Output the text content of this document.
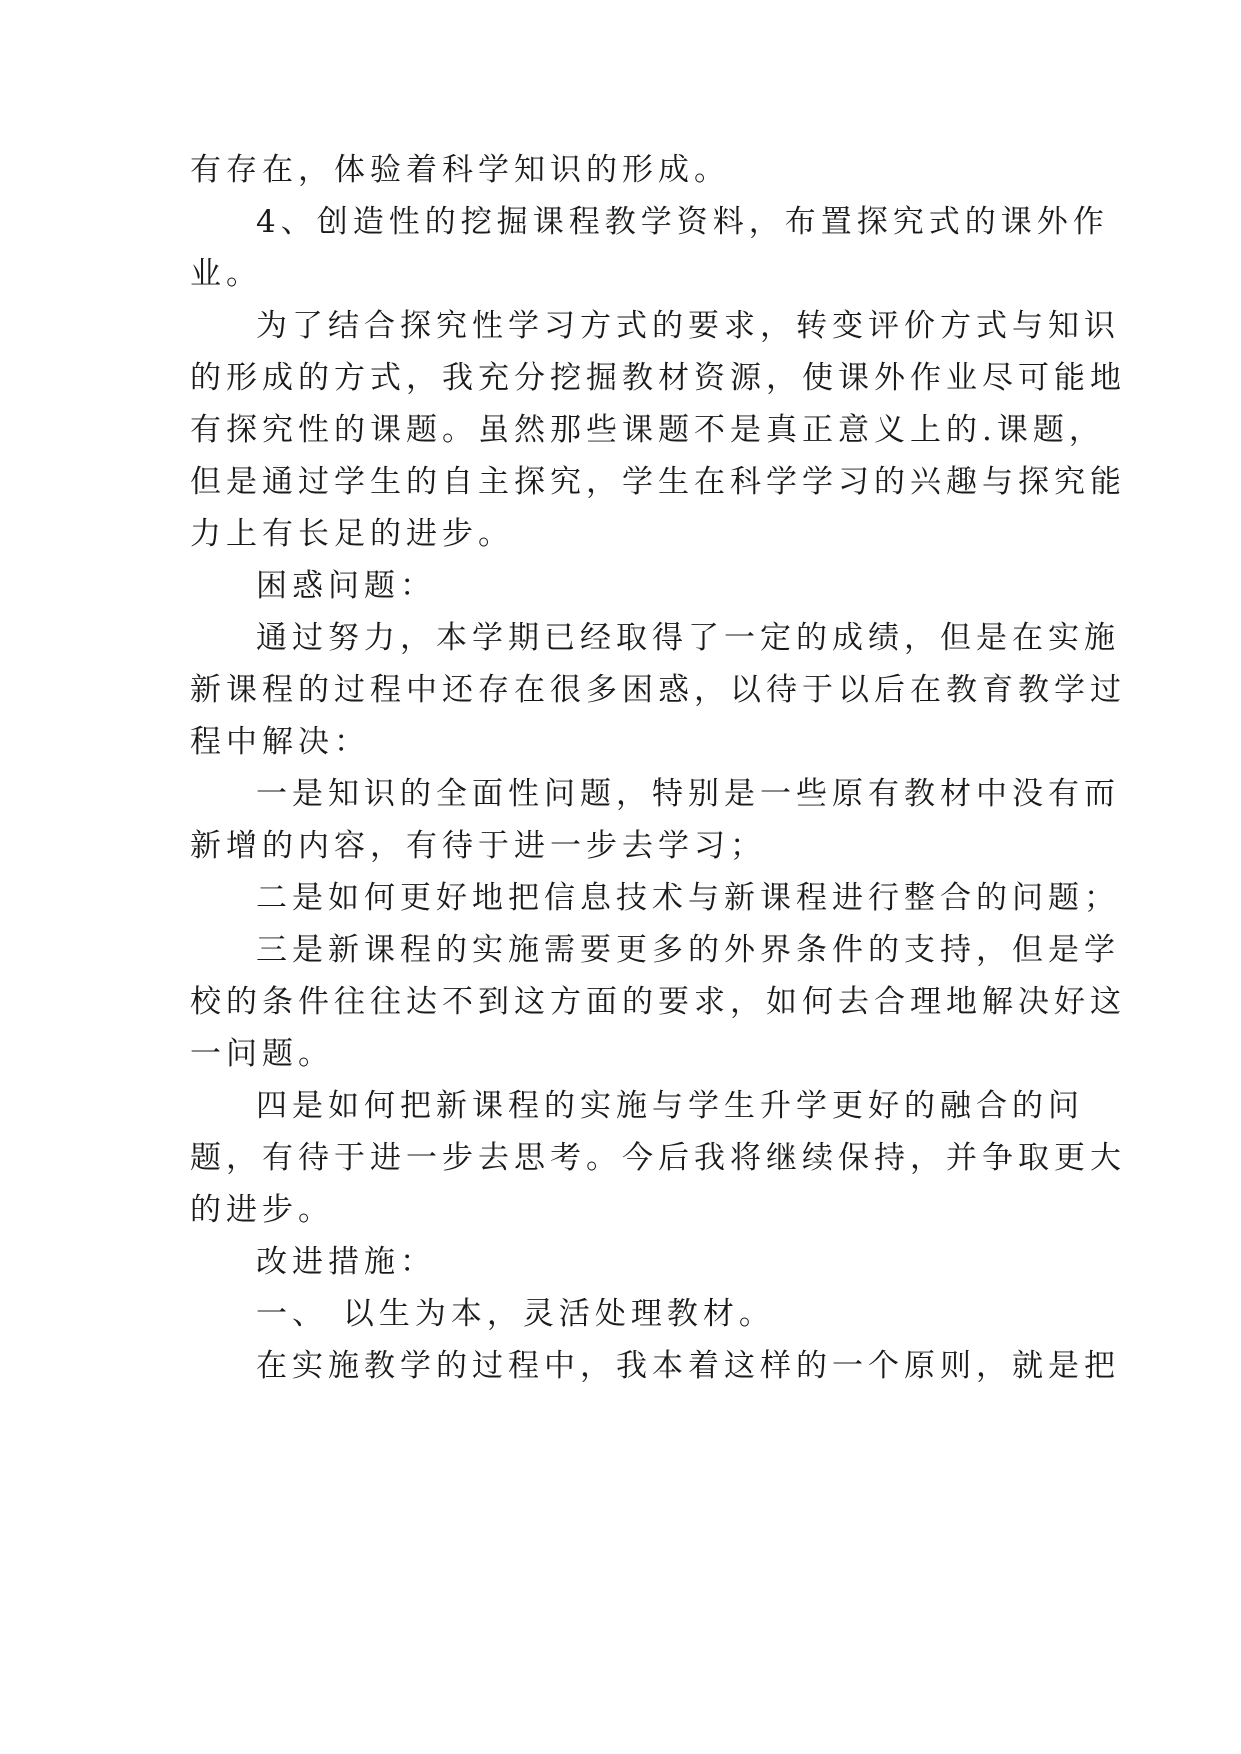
有存在，体验着科学知识的形成。
4、创造性的挖掘课程教学资料，布置探究式的课外作
业。
为了结合探究性学习方式的要求，转变评价方式与知识
的形成的方式，我充分挖掘教材资源，使课外作业尽可能地
有探究性的课题。虽然那些课题不是真正意义上的.课题，
但是通过学生的自主探究，学生在科学学习的兴趣与探究能
力上有长足的进步。
困惑问题：
通过努力，本学期已经取得了一定的成绩，但是在实施
新课程的过程中还存在很多困惑，以待于以后在教育教学过
程中解决：
一是知识的全面性问题，特别是一些原有教材中没有而
新增的内容，有待于进一步去学习；
二是如何更好地把信息技术与新课程进行整合的问题；
三是新课程的实施需要更多的外界条件的支持，但是学
校的条件往往达不到这方面的要求，如何去合理地解决好这
一问题。
四是如何把新课程的实施与学生升学更好的融合的问
题，有待于进一步去思考。今后我将继续保持，并争取更大
的进步。
改进措施：
一、 以生为本，灵活处理教材。
在实施教学的过程中，我本着这样的一个原则，就是把
